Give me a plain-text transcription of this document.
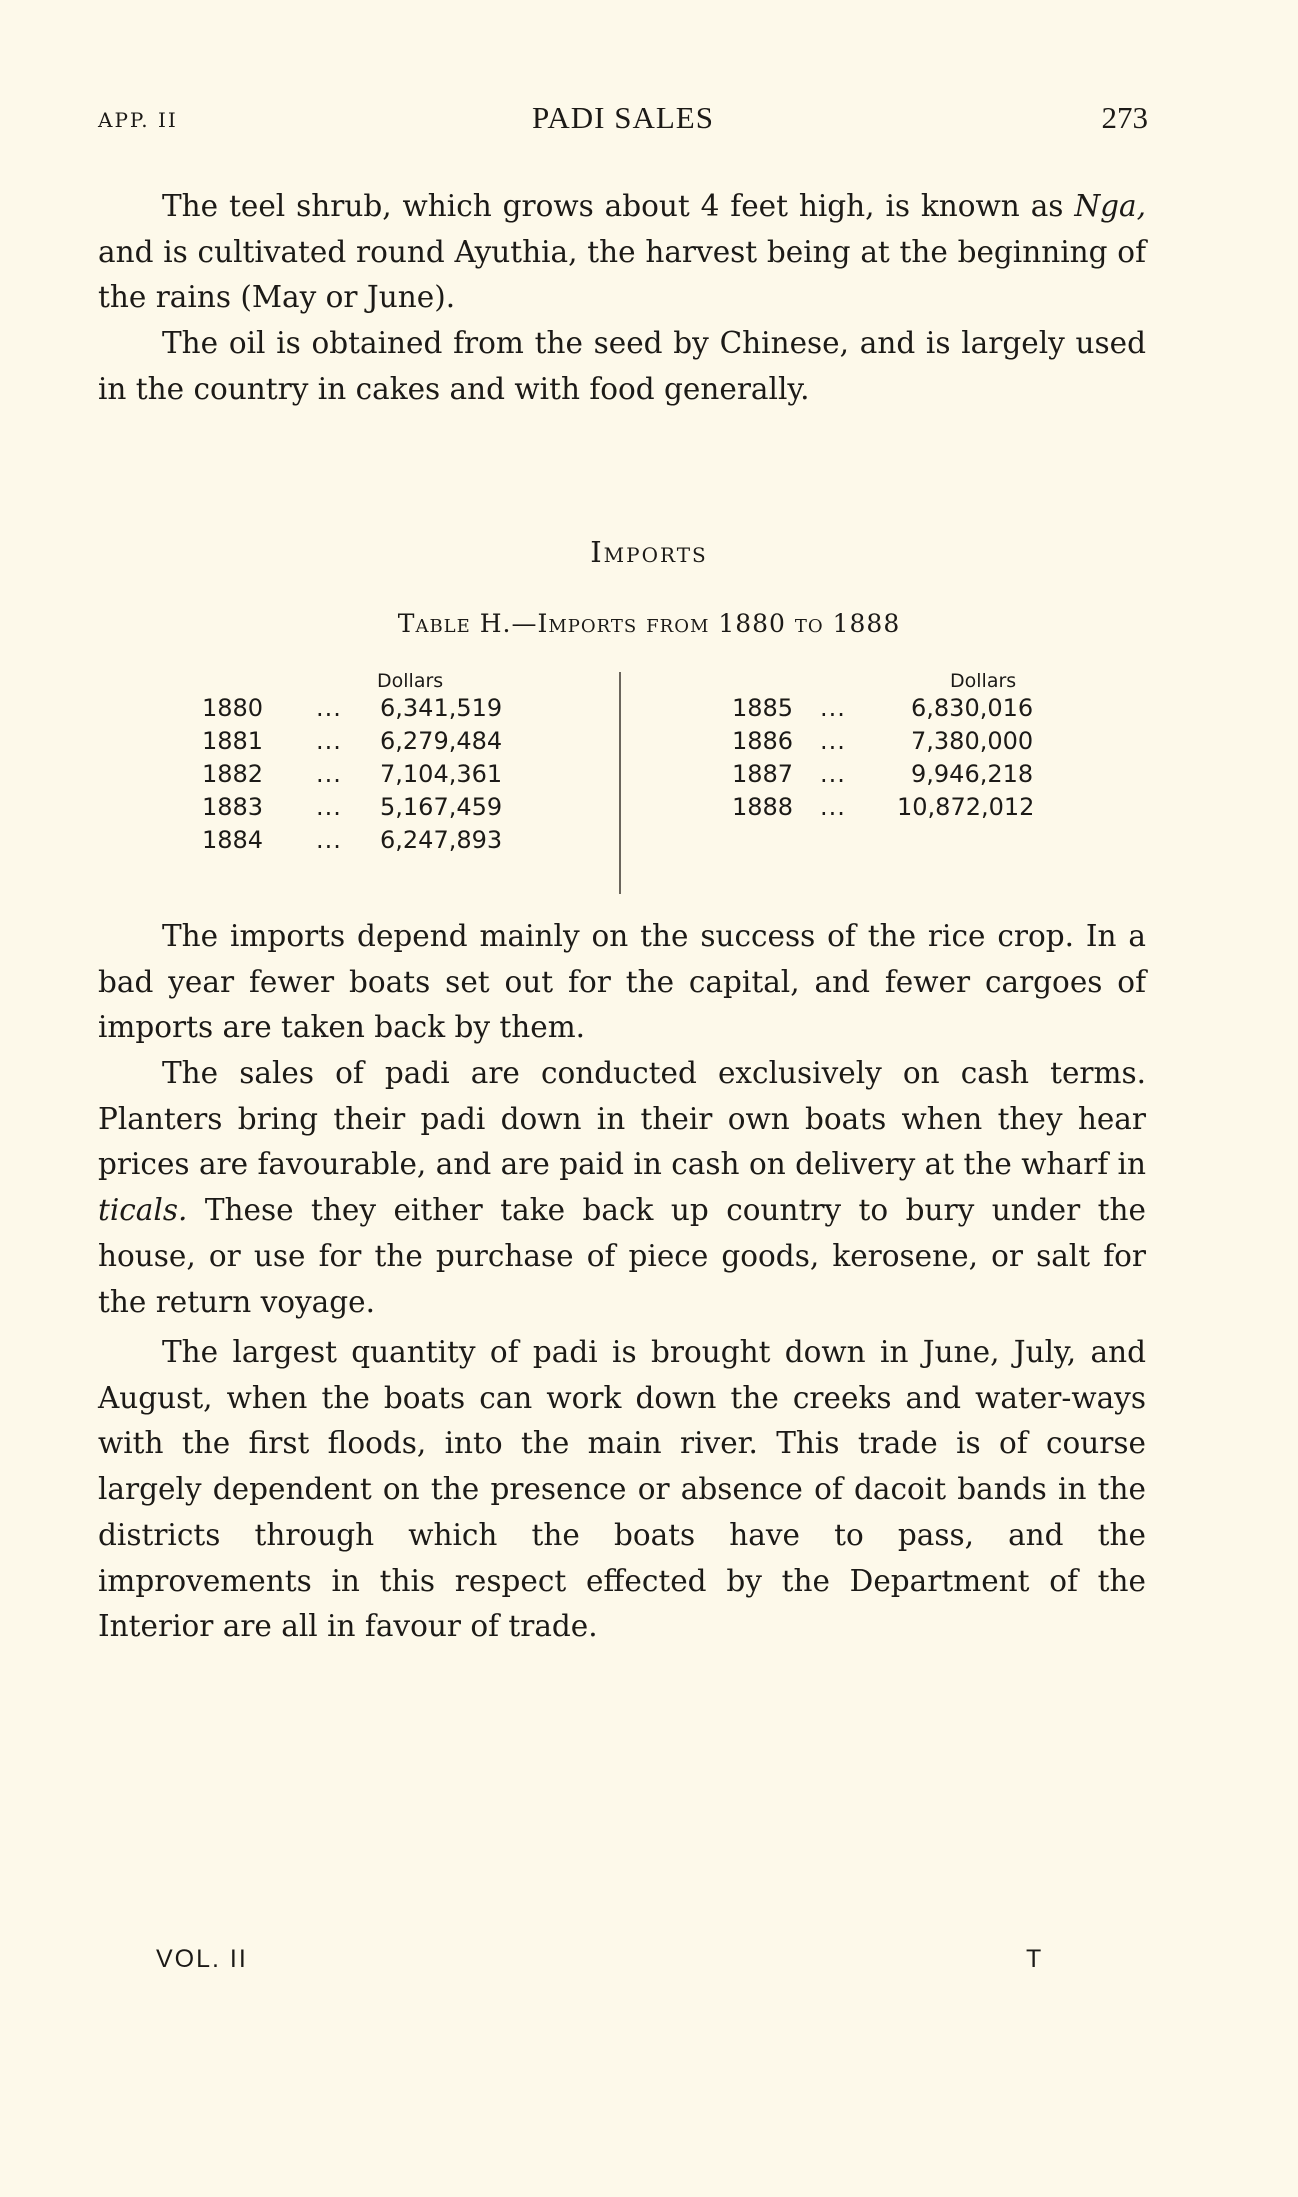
APP. II	PADI SALES	273

The teel shrub, which grows about 4 feet high, is known as Nga, and is cultivated round Ayuthia, the harvest being at the beginning of the rains (May or June).

The oil is obtained from the seed by Chinese, and is largely used in the country in cakes and with food generally.

Imports
Table H.—Imports from 1880 to 1888
Dollars	Dollars
1880 ... 6,341,519
1881 ... 6,279,484
1882 ... 7,104,361
1883 ... 5,167,459
1884 ... 6,247,893
1885 ...	6,830,016
1886 ...	7,380,000
1887 ...	9,946,218
1888 ... 10,872,012

The imports depend mainly on the success of the rice crop. In a bad year fewer boats set out for the capital, and fewer cargoes of imports are taken back by them.

The sales of padi are conducted exclusively on cash terms. Planters bring their padi down in their own boats when they hear prices are favourable, and are paid in cash on delivery at the wharf in ticals. These they either take back up country to bury under the house, or use for the purchase of piece goods, kerosene, or salt for the return voyage.

The largest quantity of padi is brought down in June, July, and August, when the boats can work down the creeks and water-ways with the first floods, into the main river. This trade is of course largely dependent on the presence or absence of dacoit bands in the districts through which the boats have to pass, and the improvements in this respect effected by the Department of the Interior are all in favour of trade.

VOL. II	T
